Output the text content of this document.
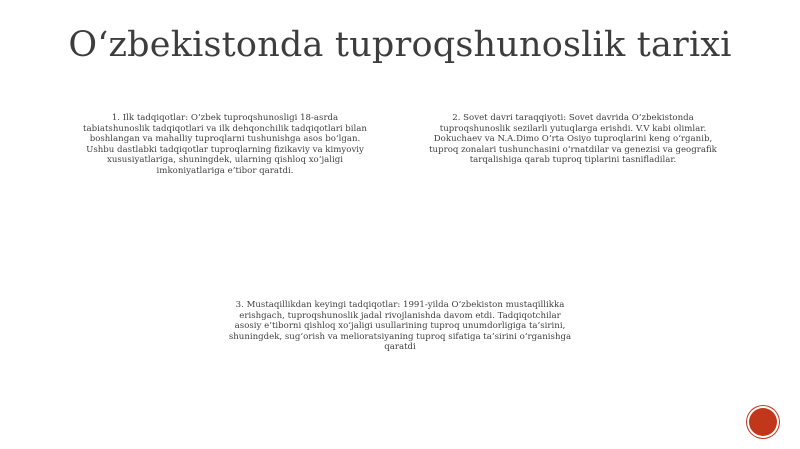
O‘zbekistonda tuproqshunoslik tarixi
1. Ilk tadqiqotlar: O‘zbek tuproqshunosligi 18-asrda tabiatshunoslik tadqiqotlari va ilk dehqonchilik tadqiqotlari bilan boshlangan va mahalliy tuproqlarni tushunishga asos bo‘lgan. Ushbu dastlabki tadqiqotlar tuproqlarning fizikaviy va kimyoviy xususiyatlariga, shuningdek, ularning qishloq xo‘jaligi imkoniyatlariga e’tibor qaratdi.
2. Sovet davri taraqqiyoti: Sovet davrida O‘zbekistonda tuproqshunoslik sezilarli yutuqlarga erishdi. V.V kabi olimlar. Dokuchaev va N.A.Dimo O‘rta Osiyo tuproqlarini keng o‘rganib, tuproq zonalari tushunchasini o‘rnatdilar va genezisi va geografik tarqalishiga qarab tuproq tiplarini tasnifladilar.
3. Mustaqillikdan keyingi tadqiqotlar: 1991-yilda O‘zbekiston mustaqillikka erishgach, tuproqshunoslik jadal rivojlanishda davom etdi. Tadqiqotchilar asosiy e’tiborni qishloq xo‘jaligi usullarining tuproq unumdorligiga ta’sirini, shuningdek, sug‘orish va melioratsiyaning tuproq sifatiga ta’sirini o‘rganishga qaratdi
